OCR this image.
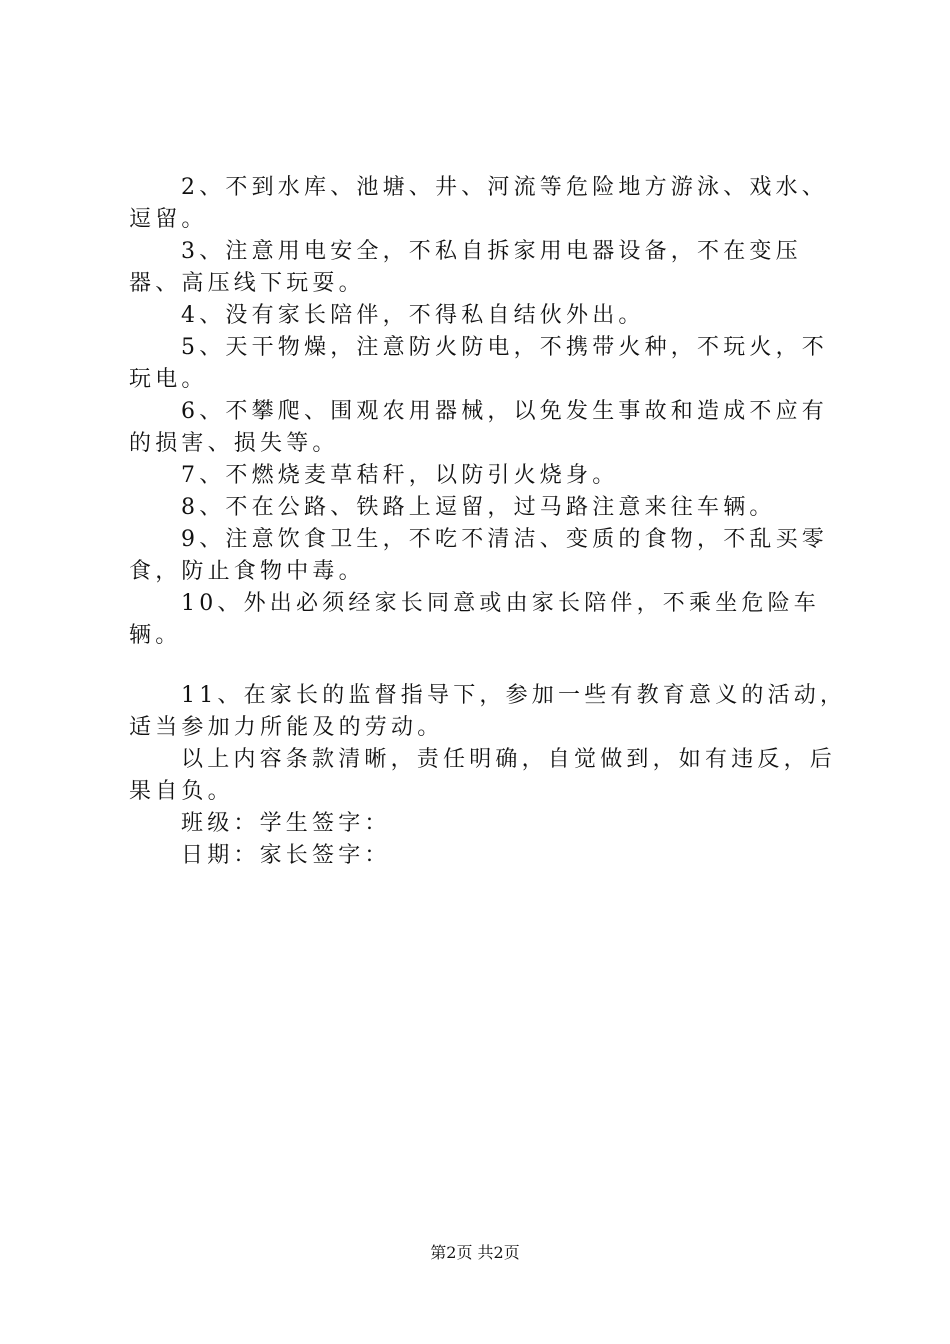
2、不到水库、池塘、井、河流等危险地方游泳、戏水、逗留。

3、注意用电安全，不私自拆家用电器设备，不在变压器、高压线下玩耍。

4、没有家长陪伴，不得私自结伙外出。

5、天干物燥，注意防火防电，不携带火种，不玩火，不玩电。

6、不攀爬、围观农用器械，以免发生事故和造成不应有的损害、损失等。

7、不燃烧麦草秸秆，以防引火烧身。

8、不在公路、铁路上逗留，过马路注意来往车辆。

9、注意饮食卫生，不吃不清洁、变质的食物，不乱买零食，防止食物中毒。

10、外出必须经家长同意或由家长陪伴，不乘坐危险车辆。

11、在家长的监督指导下，参加一些有教育意义的活动，适当参加力所能及的劳动。

以上内容条款清晰，责任明确，自觉做到，如有违反，后果自负。

班级：学生签字：

日期：家长签字：

第2页 共2页
